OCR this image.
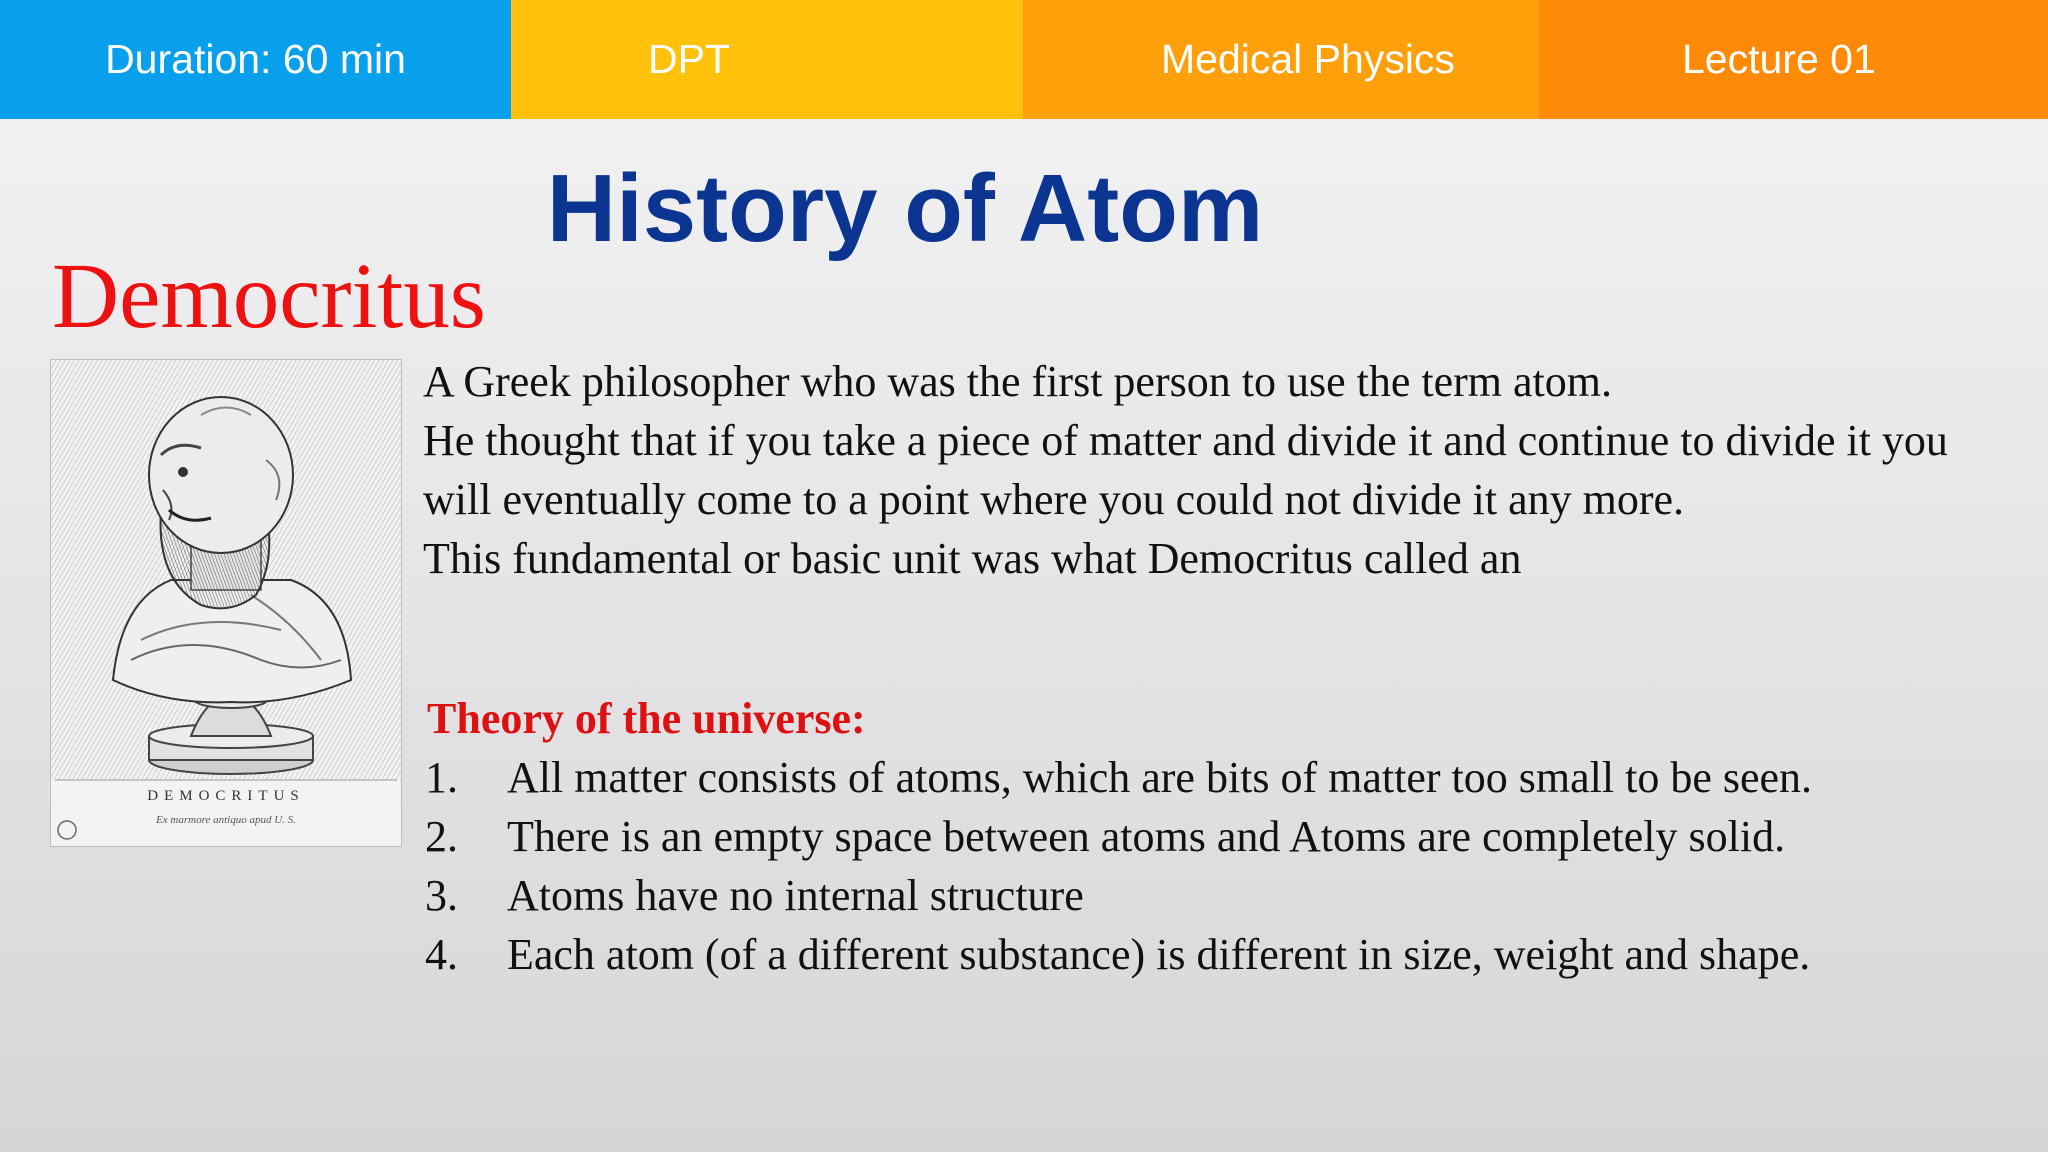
Duration: 60 min	DPT	Medical Physics	Lecture 01
History of Atom
Democritus
DEMOCRITUS
Ex marmore antiquo apud U. S.

A Greek philosopher who was the first person to use the term atom.

He thought that if you take a piece of matter and divide it and continue to divide it you will eventually come to a point where you could not divide it any more.

This fundamental or basic unit was what Democritus called an

Theory of the universe:
1.	All matter consists of atoms, which are bits of matter too small to be seen.
2.	There is an empty space between atoms and Atoms are completely solid.
3.	Atoms have no internal structure
4.	Each atom (of a different substance) is different in size, weight and shape.
